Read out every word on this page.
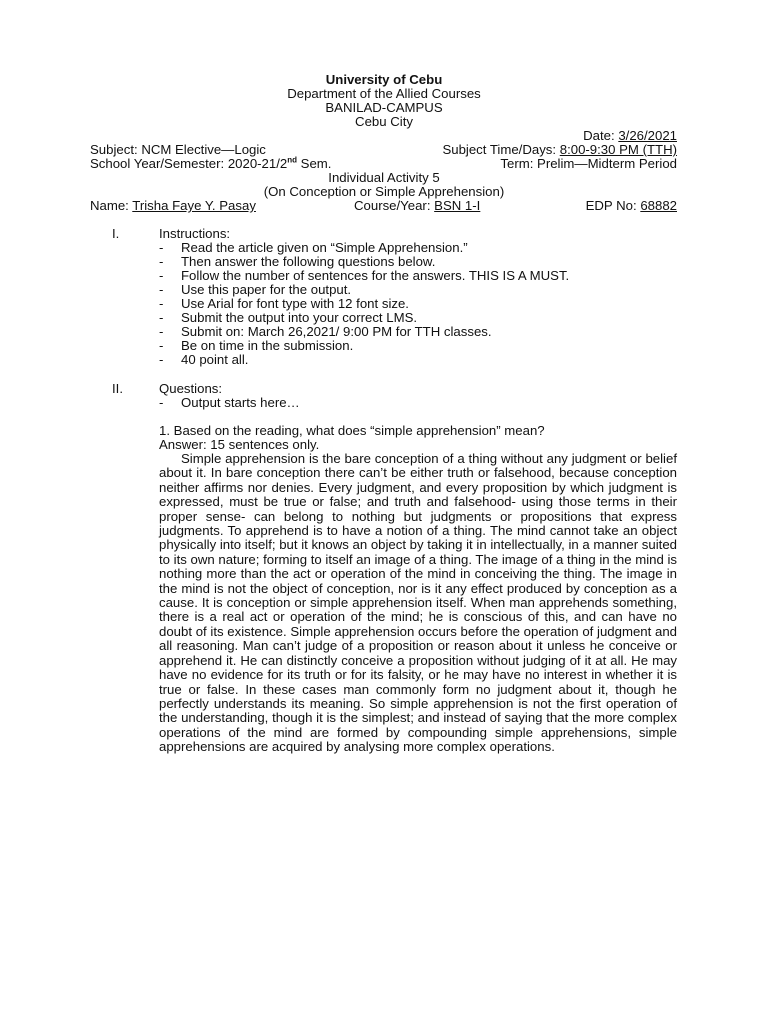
University of Cebu
Department of the Allied Courses
BANILAD-CAMPUS
Cebu City
Date: 3/26/2021
Subject: NCM Elective—Logic	Subject Time/Days: 8:00-9:30 PM (TTH)
School Year/Semester: 2020-21/2nd Sem.	Term: Prelim—Midterm Period
Individual Activity 5
(On Conception or Simple Apprehension)
Name: Trisha Faye Y. Pasay	Course/Year: BSN 1-I	EDP No: 68882
I.	Instructions:
- Read the article given on “Simple Apprehension.”
- Then answer the following questions below.
- Follow the number of sentences for the answers. THIS IS A MUST.
- Use this paper for the output.
- Use Arial for font type with 12 font size.
- Submit the output into your correct LMS.
- Submit on: March 26,2021/ 9:00 PM for TTH classes.
- Be on time in the submission.
- 40 point all.
II.	Questions:
- Output starts here…
1. Based on the reading, what does “simple apprehension” mean?
Answer: 15 sentences only.
Simple apprehension is the bare conception of a thing without any judgment or belief about it. In bare conception there can’t be either truth or falsehood, because conception neither affirms nor denies. Every judgment, and every proposition by which judgment is expressed, must be true or false; and truth and falsehood- using those terms in their proper sense- can belong to nothing but judgments or propositions that express judgments. To apprehend is to have a notion of a thing. The mind cannot take an object physically into itself; but it knows an object by taking it in intellectually, in a manner suited to its own nature; forming to itself an image of a thing. The image of a thing in the mind is nothing more than the act or operation of the mind in conceiving the thing. The image in the mind is not the object of conception, nor is it any effect produced by conception as a cause. It is conception or simple apprehension itself. When man apprehends something, there is a real act or operation of the mind; he is conscious of this, and can have no doubt of its existence. Simple apprehension occurs before the operation of judgment and all reasoning. Man can’t judge of a proposition or reason about it unless he conceive or apprehend it. He can distinctly conceive a proposition without judging of it at all. He may have no evidence for its truth or for its falsity, or he may have no interest in whether it is true or false. In these cases man commonly form no judgment about it, though he perfectly understands its meaning. So simple apprehension is not the first operation of the understanding, though it is the simplest; and instead of saying that the more complex operations of the mind are formed by compounding simple apprehensions, simple apprehensions are acquired by analysing more complex operations.
